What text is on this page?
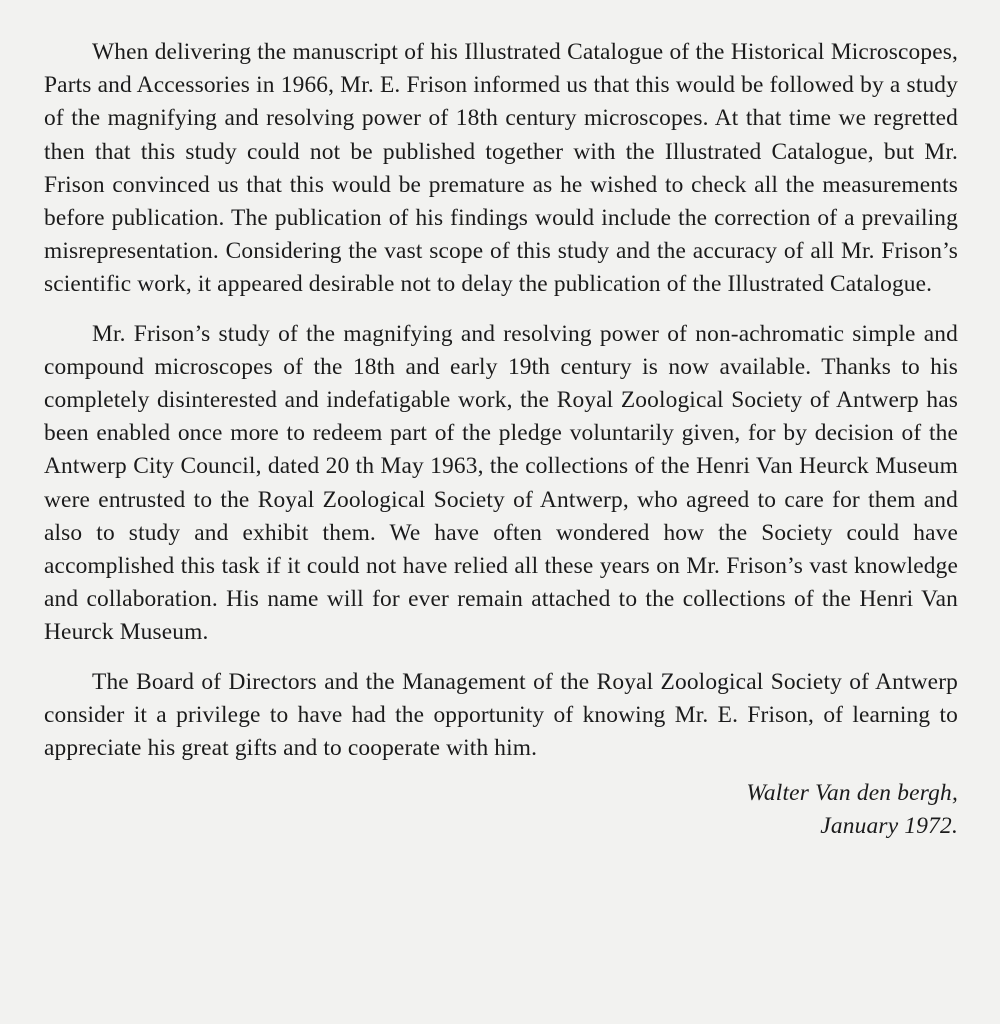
When delivering the manuscript of his Illustrated Catalogue of the Historical Microscopes, Parts and Accessories in 1966, Mr. E. Frison informed us that this would be followed by a study of the magnifying and resolving power of 18th century microscopes. At that time we regretted then that this study could not be published together with the Illustrated Catalogue, but Mr. Frison convinced us that this would be premature as he wished to check all the measurements before publication. The publication of his findings would include the correction of a prevailing misrepresentation. Considering the vast scope of this study and the accuracy of all Mr. Frison’s scientific work, it appeared desirable not to delay the publication of the Illustrated Catalogue.

Mr. Frison’s study of the magnifying and resolving power of non-achromatic simple and compound microscopes of the 18th and early 19th century is now available. Thanks to his completely disinterested and indefatigable work, the Royal Zoological Society of Antwerp has been enabled once more to redeem part of the pledge voluntarily given, for by decision of the Antwerp City Council, dated 20 th May 1963, the collections of the Henri Van Heurck Museum were entrusted to the Royal Zoological Society of Antwerp, who agreed to care for them and also to study and exhibit them. We have often wondered how the Society could have accomplished this task if it could not have relied all these years on Mr. Frison’s vast knowledge and collaboration. His name will for ever remain attached to the collections of the Henri Van Heurck Museum.

The Board of Directors and the Management of the Royal Zoological Society of Antwerp consider it a privilege to have had the opportunity of knowing Mr. E. Frison, of learning to appreciate his great gifts and to cooperate with him.

Walter Van den bergh,
January 1972.
